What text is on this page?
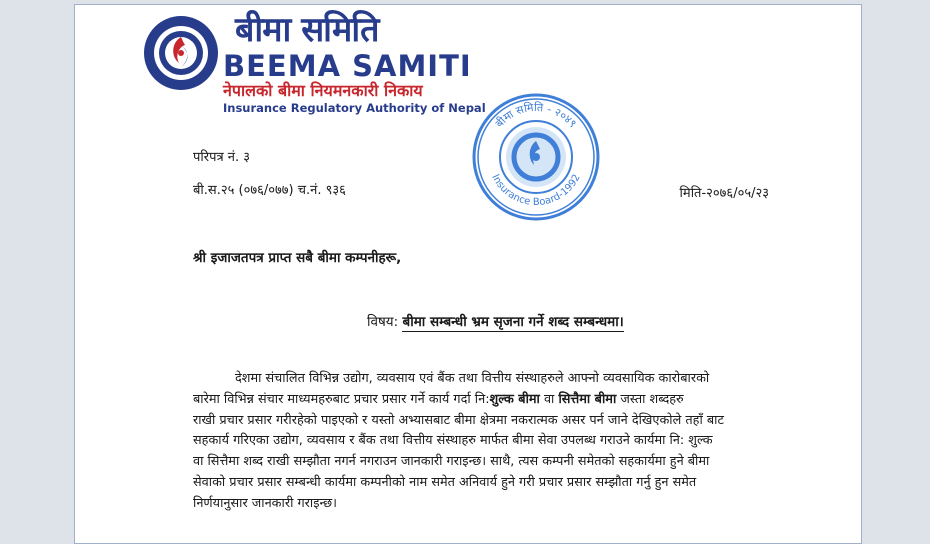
बीमा समिति
BEEMA SAMITI
नेपालको बीमा नियमनकारी निकाय
Insurance Regulatory Authority of Nepal
बीमा समिति - २०४९
Insurance Board-1992
परिपत्र नं. ३
बी.स.२५ (०७६/०७७) च.नं. ९३६	मिति-२०७६/०५/२३
श्री इजाजतपत्र प्राप्त सबै बीमा कम्पनीहरू,
विषय: बीमा सम्बन्धी भ्रम सृजना गर्ने शब्द सम्बन्धमा।
देशमा संचालित विभिन्न उद्योग, व्यवसाय एवं बैंक तथा वित्तीय संस्थाहरुले आफ्नो व्यवसायिक कारोबारको
बारेमा विभिन्न संचार माध्यमहरुबाट प्रचार प्रसार गर्ने कार्य गर्दा नि:शुल्क बीमा वा सित्तैमा बीमा जस्ता शब्दहरु
राखी प्रचार प्रसार गरीरहेको पाइएको र यस्तो अभ्यासबाट बीमा क्षेत्रमा नकरात्मक असर पर्न जाने देखिएकोले तहाँ बाट
सहकार्य गरिएका उद्योग, व्यवसाय र बैंक तथा वित्तीय संस्थाहरु मार्फत बीमा सेवा उपलब्ध गराउने कार्यमा नि: शुल्क
वा सित्तैमा शब्द राखी सम्झौता नगर्न नगराउन जानकारी गराइन्छ। साथै, त्यस कम्पनी समेतको सहकार्यमा हुने बीमा
सेवाको प्रचार प्रसार सम्बन्धी कार्यमा कम्पनीको नाम समेत अनिवार्य हुने गरी प्रचार प्रसार सम्झौता गर्नु हुन समेत
निर्णयानुसार जानकारी गराइन्छ।
